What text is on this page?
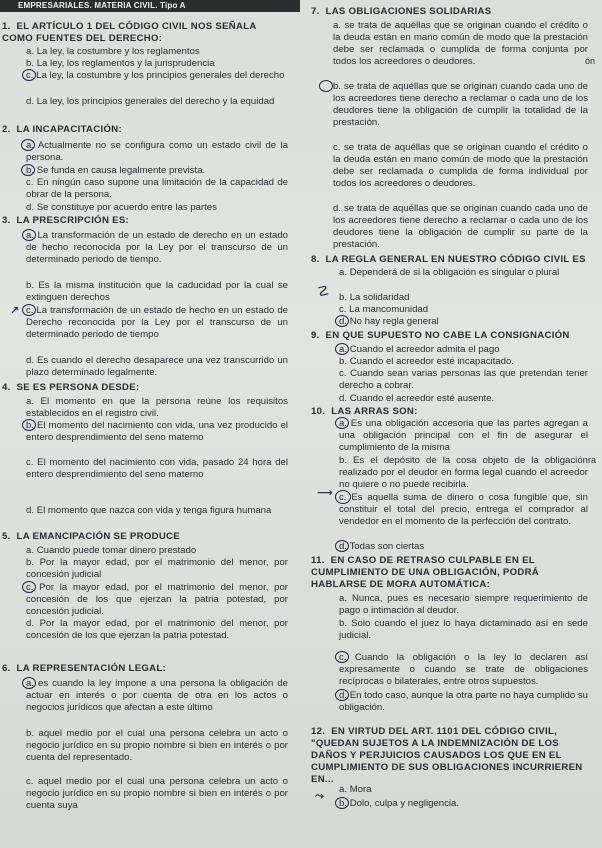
EMPRESARIALES. MATERIA CIVIL. Tipo A
1. EL ARTÍCULO 1 DEL CÓDIGO CIVIL NOS SEÑALA COMO FUENTES DEL DERECHO:
a. La ley, la costumbre y los reglamentos
b. La ley, los reglamentos y la jurisprudencia
c. La ley, la costumbre y los principios generales del derecho
d. La ley, los principios generales del derecho y la equidad
2. LA INCAPACITACIÓN:
a. Actualmente no se configura como un estado civil de la persona.
b. Se funda en causa legalmente prevista.
c. En ningún caso supone una limitación de la capacidad de obrar de la persona.
d. Se constituye por acuerdo entre las partes
3. LA PRESCRIPCIÓN ES:
a. La transformación de un estado de derecho en un estado de hecho reconocida por la Ley por el transcurso de un determinado periodo de tiempo.
b. Es la misma institución que la caducidad por la cual se extinguen derechos
c. La transformación de un estado de hecho en un estado de Derecho reconocida por la Ley por el transcurso de un determinado periodo de tiempo
d. Es cuando el derecho desaparece una vez transcurrido un plazo determinado legalmente.
4. SE ES PERSONA DESDE:
a. El momento en que la persona reúne los requisitos establecidos en el registro civil.
b. El momento del nacimiento con vida, una vez producido el entero desprendimiento del seno materno
c. El momento del nacimiento con vida, pasado 24 hora del entero desprendimiento del seno materno
d. El momento que nazca con vida y tenga figura humana
5. LA EMANCIPACIÓN SE PRODUCE
a. Cuando puede tomar dinero prestado
b. Por la mayor edad, por el matrimonio del menor, por concesión judicial
c. Por la mayor edad, por el matrimonio del menor, por concesión de los que ejerzan la patria potestad, por concesión judicial.
d. Por la mayor edad, por el matrimonio del menor, por concesión de los que ejerzan la patria potestad.
6. LA REPRESENTACIÓN LEGAL:
a. es cuando la ley impone a una persona la obligación de actuar en interés o por cuenta de otra en los actos o negocios jurídicos que afectan a este último
b. aquel medio por el cual una persona celebra un acto o negocio jurídico en su propio nombre si bien en interés o por cuenta del representado.
c. aquel medio por el cual una persona celebra un acto o negocio jurídico en su propio nombre si bien en interés o por cuenta suya
↗
7. LAS OBLIGACIONES SOLIDARIAS
a. se trata de aquéllas que se originan cuando el crédito o la deuda están en mano común de modo que la prestación debe ser reclamada o cumplida de forma conjunta por todos los acreedores o deudores.
b. se trata de aquéllas que se originan cuando cada uno de los acreedores tiene derecho a reclamar o cada uno de los deudores tiene la obligación de cumplir la totalidad de la prestación.
c. se trata de aquéllas que se originan cuando el crédito o la deuda están en mano común de modo que la prestación debe ser reclamada o cumplida de forma individual por todos los acreedores o deudores.
d. se trata de aquéllas que se originan cuando cada uno de los acreedores tiene derecho a reclamar o cada uno de los deudores tiene la obligación de cumplir su parte de la prestación.
8. LA REGLA GENERAL EN NUESTRO CÓDIGO CIVIL ES
a. Dependerá de si la obligación es singular o plural
b. La solidaridad
c. La mancomunidad
d. No hay regla general
☡
9. EN QUE SUPUESTO NO CABE LA CONSIGNACIÓN
a. Cuando el acreedor admita el pago
b. Cuando el acreedor esté incapacitado.
c. Cuando sean varias personas las que pretendan tener derecho a cobrar.
d. Cuando el acreedor esté ausente.
10. LAS ARRAS SON:
a. Es una obligación accesoria que las partes agregan a una obligación principal con el fin de asegurar el cumplimiento de la misma
b. Es el depósito de la cosa objeto de la obligación realizado por el deudor en forma legal cuando el acreedor no quiere o no puede recibirla.
c. Es aquella suma de dinero o cosa fungible que, sin constituir el total del precio, entrega el comprador al vendedor en el momento de la perfección del contrato.
⟶
d. Todas son ciertas
11. EN CASO DE RETRASO CULPABLE EN EL CUMPLIMIENTO DE UNA OBLIGACIÓN, PODRÁ HABLARSE DE MORA AUTOMÁTICA:
a. Nunca, pues es necesario siempre requerimiento de pago o intimación al deudor.
b. Solo cuando el juez lo haya dictaminado así en sede judicial.
c. Cuando la obligación o la ley lo declaren así expresamente o cuando se trate de obligaciones recíprocas o bilaterales, entre otros supuestos.
d. En todo caso, aunque la otra parte no haya cumplido su obligación.
12. EN VIRTUD DEL ART. 1101 DEL CÓDIGO CIVIL, "QUEDAN SUJETOS A LA INDEMNIZACIÓN DE LOS DAÑOS Y PERJUICIOS CAUSADOS LOS QUE EN EL CUMPLIMIENTO DE SUS OBLIGACIONES INCURRIEREN EN...
a. Mora
b. Dolo, culpa y negligencia.
⤳
ón
ra
